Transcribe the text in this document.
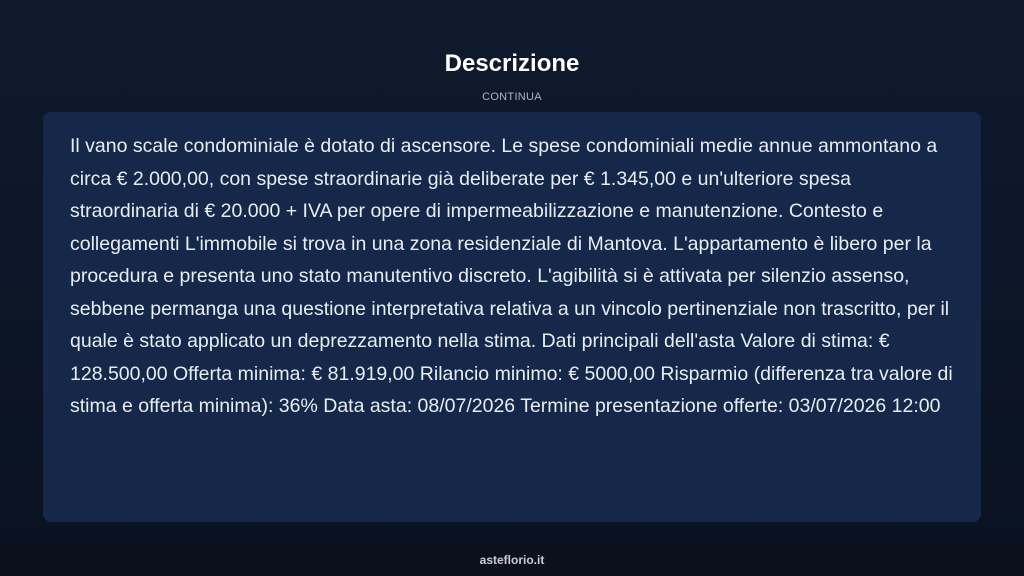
Descrizione
CONTINUA

Il vano scale condominiale è dotato di ascensore. Le spese condominiali medie annue ammontano a circa € 2.000,00, con spese straordinarie già deliberate per € 1.345,00 e un'ulteriore spesa straordinaria di € 20.000 + IVA per opere di impermeabilizzazione e manutenzione. Contesto e collegamenti L'immobile si trova in una zona residenziale di Mantova. L'appartamento è libero per la procedura e presenta uno stato manutentivo discreto. L'agibilità si è attivata per silenzio assenso, sebbene permanga una questione interpretativa relativa a un vincolo pertinenziale non trascritto, per il quale è stato applicato un deprezzamento nella stima. Dati principali dell'asta Valore di stima: € 128.500,00 Offerta minima: € 81.919,00 Rilancio minimo: € 5000,00 Risparmio (differenza tra valore di stima e offerta minima): 36% Data asta: 08/07/2026 Termine presentazione offerte: 03/07/2026 12:00

asteflorio.it
